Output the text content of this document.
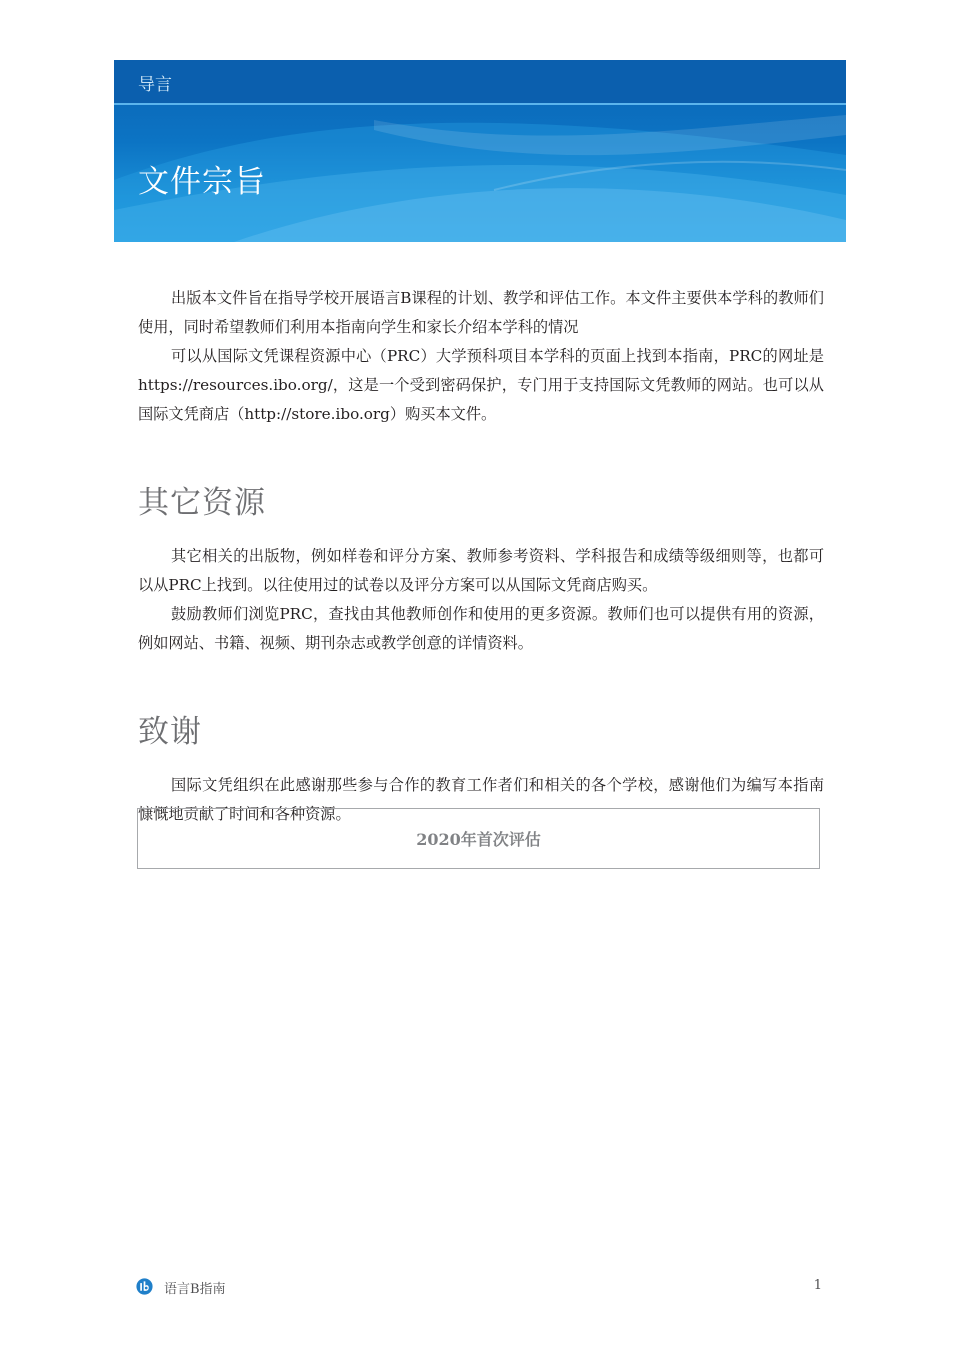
导言
文件宗旨

出版本文件旨在指导学校开展语言B课程的计划、教学和评估工作。本文件主要供本学科的教师们使用，同时希望教师们利用本指南向学生和家长介绍本学科的情况

可以从国际文凭课程资源中心（PRC）大学预科项目本学科的页面上找到本指南，PRC的网址是https://resources.ibo.org/，这是一个受到密码保护，专门用于支持国际文凭教师的网站。也可以从国际文凭商店（http://store.ibo.org）购买本文件。

其它资源

其它相关的出版物，例如样卷和评分方案、教师参考资料、学科报告和成绩等级细则等，也都可以从PRC上找到。以往使用过的试卷以及评分方案可以从国际文凭商店购买。

鼓励教师们浏览PRC，查找由其他教师创作和使用的更多资源。教师们也可以提供有用的资源，例如网站、书籍、视频、期刊杂志或教学创意的详情资料。

致谢

国际文凭组织在此感谢那些参与合作的教育工作者们和相关的各个学校，感谢他们为编写本指南慷慨地贡献了时间和各种资源。

2020年首次评估
语言B指南	1
